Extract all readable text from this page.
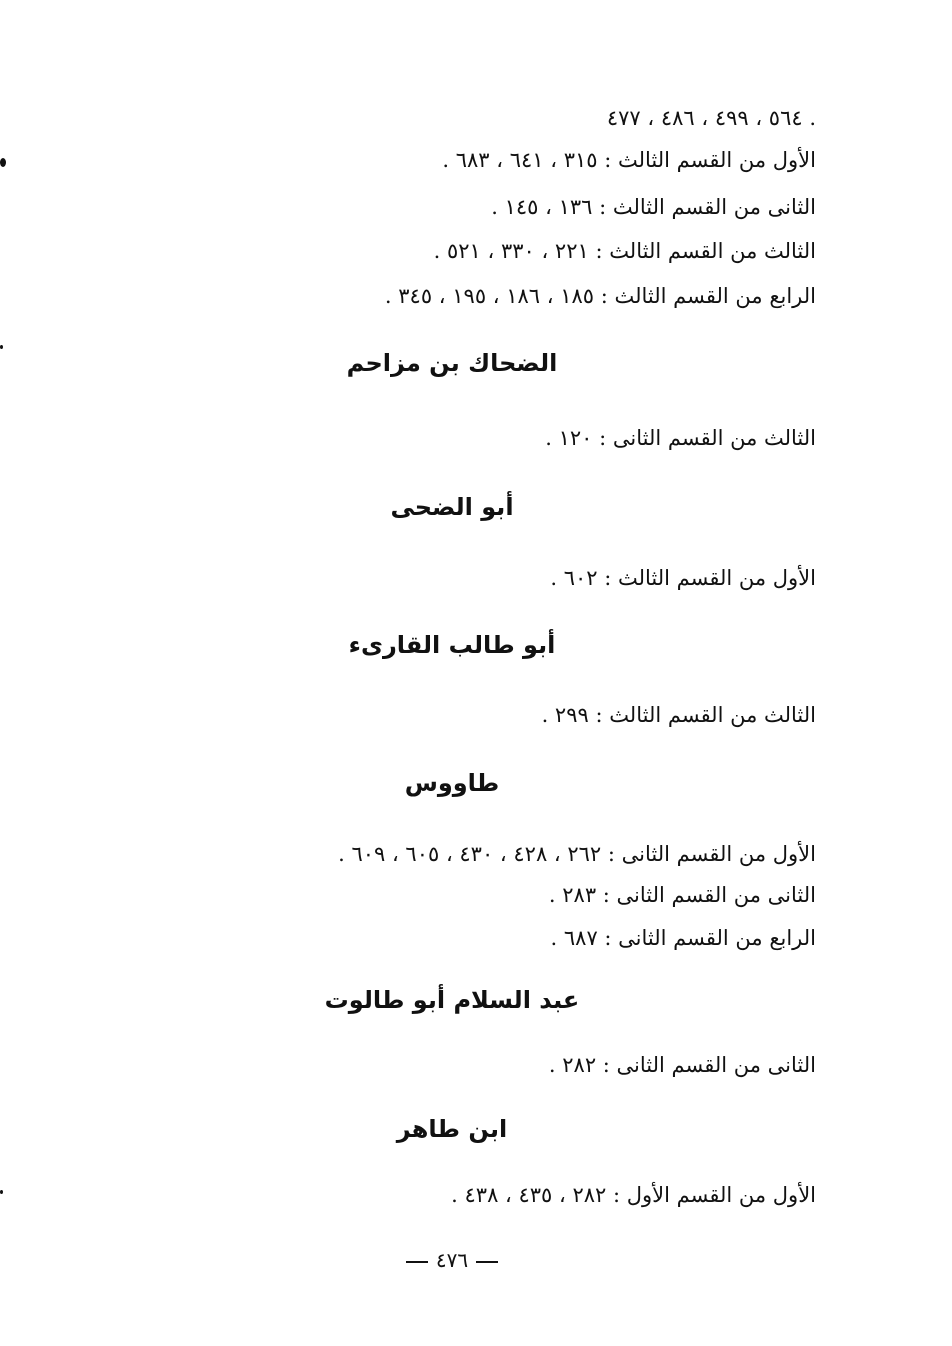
. ٥٦٤ ، ٤٩٩ ، ٤٨٦ ، ٤٧٧
الأول من القسم الثالث : ٣١٥ ، ٦٤١ ، ٦٨٣ .
الثانى من القسم الثالث : ١٣٦ ، ١٤٥ .
الثالث من القسم الثالث : ٢٢١ ، ٣٣٠ ، ٥٢١ .
الرابع من القسم الثالث : ١٨٥ ، ١٨٦ ، ١٩٥ ، ٣٤٥ .
الضحاك بن مزاحم
الثالث من القسم الثانى : ١٢٠ .
أبو الضحى
الأول من القسم الثالث : ٦٠٢ .
أبو طالب القارىء
الثالث من القسم الثالث : ٢٩٩ .
طاووس
الأول من القسم الثانى : ٢٦٢ ، ٤٢٨ ، ٤٣٠ ، ٦٠٥ ، ٦٠٩ .
الثانى من القسم الثانى : ٢٨٣ .
الرابع من القسم الثانى : ٦٨٧ .
عبد السلام أبو طالوت
الثانى من القسم الثانى : ٢٨٢ .
ابن طاهر
الأول من القسم الأول : ٢٨٢ ، ٤٣٥ ، ٤٣٨ .
٤٧٦
